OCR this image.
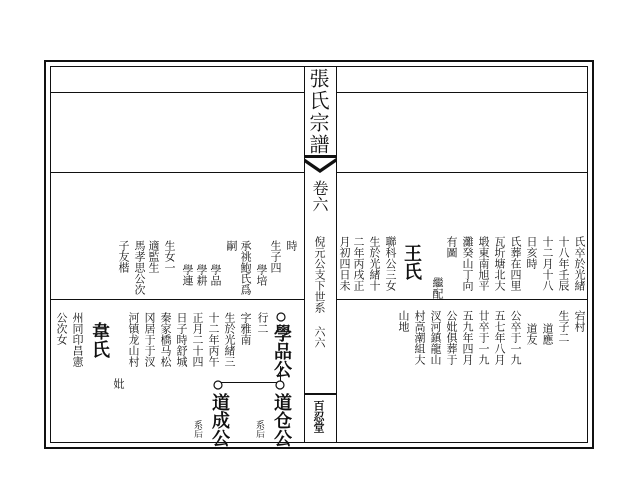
張氏宗譜
卷六
倪元公支下世系
六六
百忍堂
氏卒於光緒
十八年壬辰
十二月十八
日亥時
氏葬在四里
瓦圻塘北大
塅東南旭平
灘癸山丁向
有圖
繼配
王氏
聯科公三女
生於光緒十
二年丙戌正
月初四日未
宕村
生子二
道應
道友
公卒于一九
五七年八月
廿卒于一九
五九年四月
公妣俱葬于
汊河鎮龍山
村高潮組大
山地
時
生子四
學培
承祧鮑氏爲
嗣
學品
學耕
學連
生女一
適監生
馬孝思公次
子友楷
學品公
行二
字雅南
生於光緒三
十二年丙午
正月二十四
日子時舒城
秦家橋马松
冈居于于汊
河镇龙山村
妣
韋氏
州同印昌憲
公次女
道仓公
系后
道成公
系后
